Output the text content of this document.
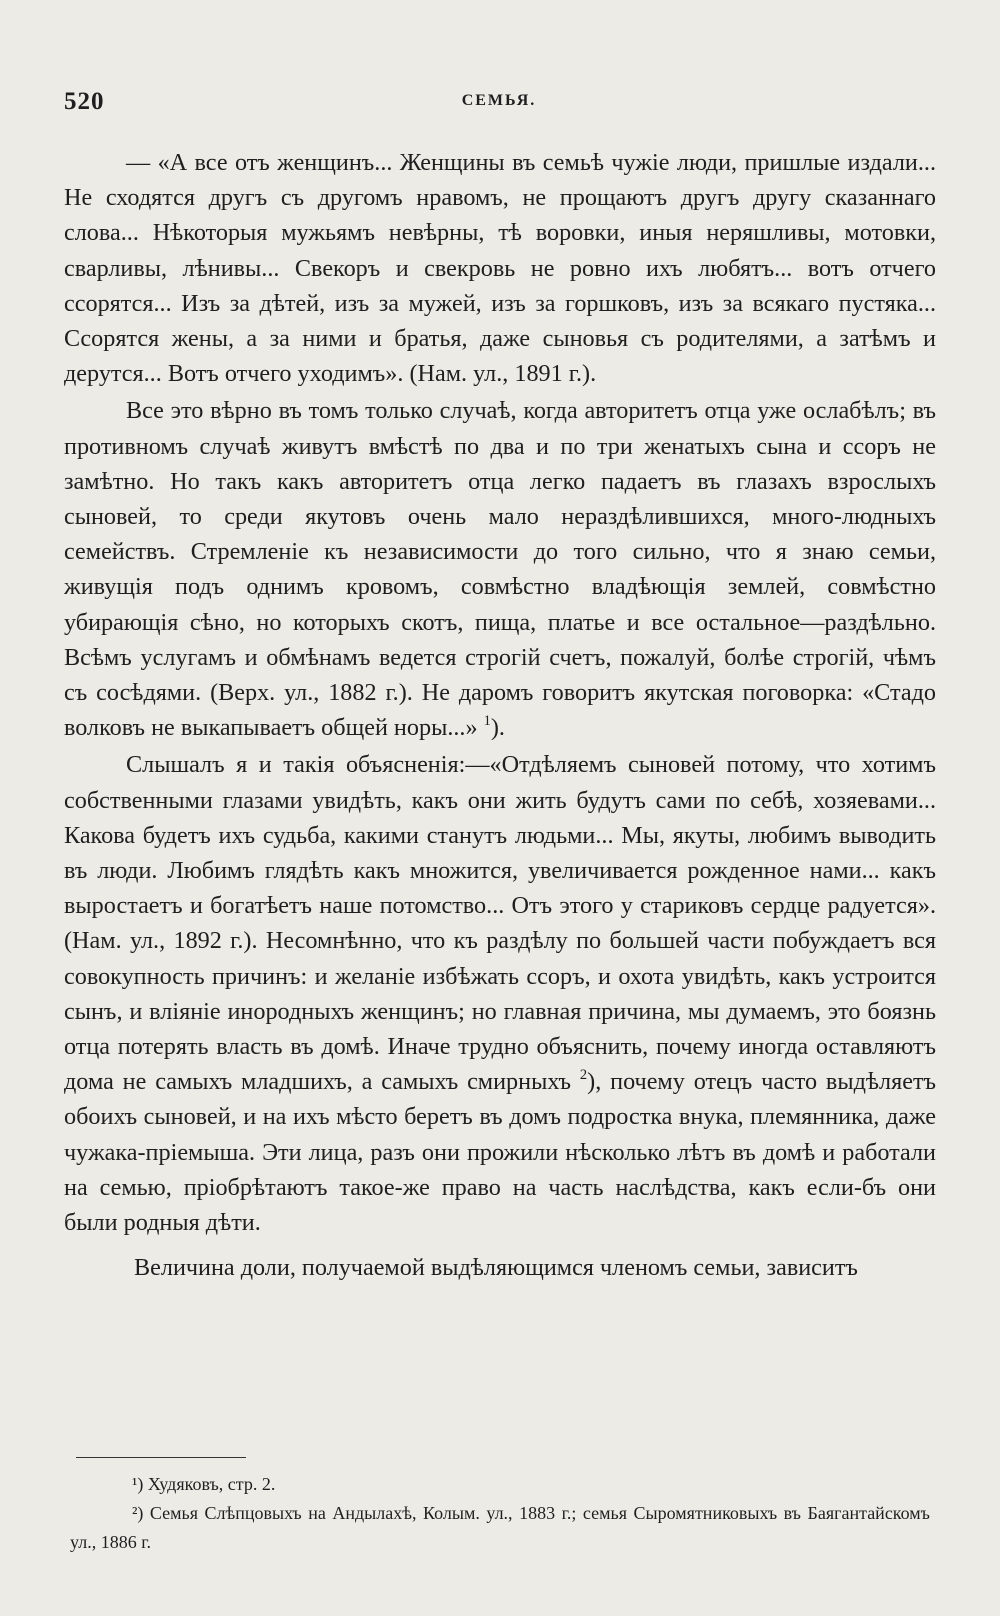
520	СЕМЬЯ.

— «А все отъ женщинъ... Женщины въ семьѣ чужіе люди, пришлые издали... Не сходятся другъ съ другомъ нравомъ, не прощаютъ другъ другу сказаннаго слова... Нѣкоторыя мужьямъ невѣрны, тѣ воровки, иныя неряшливы, мотовки, сварливы, лѣнивы... Свекоръ и свекровь не ровно ихъ любятъ... вотъ отчего ссорятся... Изъ за дѣтей, изъ за мужей, изъ за горшковъ, изъ за всякаго пустяка... Ссорятся жены, а за ними и братья, даже сыновья съ родителями, а затѣмъ и дерутся... Вотъ отчего уходимъ». (Нам. ул., 1891 г.).

Все это вѣрно въ томъ только случаѣ, когда авторитетъ отца уже ослабѣлъ; въ противномъ случаѣ живутъ вмѣстѣ по два и по три женатыхъ сына и ссоръ не замѣтно. Но такъ какъ авторитетъ отца легко падаетъ въ глазахъ взрослыхъ сыновей, то среди якутовъ очень мало нераздѣлившихся, много-людныхъ семействъ. Стремленіе къ независимости до того сильно, что я знаю семьи, живущія подъ однимъ кровомъ, совмѣстно владѣющія землей, совмѣстно убирающія сѣно, но которыхъ скотъ, пища, платье и все остальное—раздѣльно. Всѣмъ услугамъ и обмѣнамъ ведется строгій счетъ, пожалуй, болѣе строгій, чѣмъ съ сосѣдями. (Верх. ул., 1882 г.). Не даромъ говоритъ якутская поговорка: «Стадо волковъ не выкапываетъ общей норы...» $^1$).

Слышалъ я и такія объясненія:—«Отдѣляемъ сыновей потому, что хотимъ собственными глазами увидѣть, какъ они жить будутъ сами по себѣ, хозяевами... Какова будетъ ихъ судьба, какими станутъ людьми... Мы, якуты, любимъ выводить въ люди. Любимъ глядѣть какъ множится, увеличивается рожденное нами... какъ выростаетъ и богатѣетъ наше потомство... Отъ этого у стариковъ сердце радуется». (Нам. ул., 1892 г.). Несомнѣнно, что къ раздѣлу по большей части побуждаетъ вся совокупность причинъ: и желаніе избѣжать ссоръ, и охота увидѣть, какъ устроится сынъ, и вліяніе инородныхъ женщинъ; но главная причина, мы думаемъ, это боязнь отца потерять власть въ домѣ. Иначе трудно объяснить, почему иногда оставляютъ дома не самыхъ младшихъ, а самыхъ смирныхъ $^2$), почему отецъ часто выдѣляетъ обоихъ сыновей, и на ихъ мѣсто беретъ въ домъ подростка внука, племянника, даже чужака-пріемыша. Эти лица, разъ они прожили нѣсколько лѣтъ въ домѣ и работали на семью, пріобрѣтаютъ такое-же право на часть наслѣдства, какъ если-бъ они были родныя дѣти.

Величина доли, получаемой выдѣляющимся членомъ семьи, зависитъ

¹) Худяковъ, стр. 2.

²) Семья Слѣпцовыхъ на Андылахѣ, Колым. ул., 1883 г.; семья Сыромятниковыхъ въ Баягантайскомъ ул., 1886 г.
